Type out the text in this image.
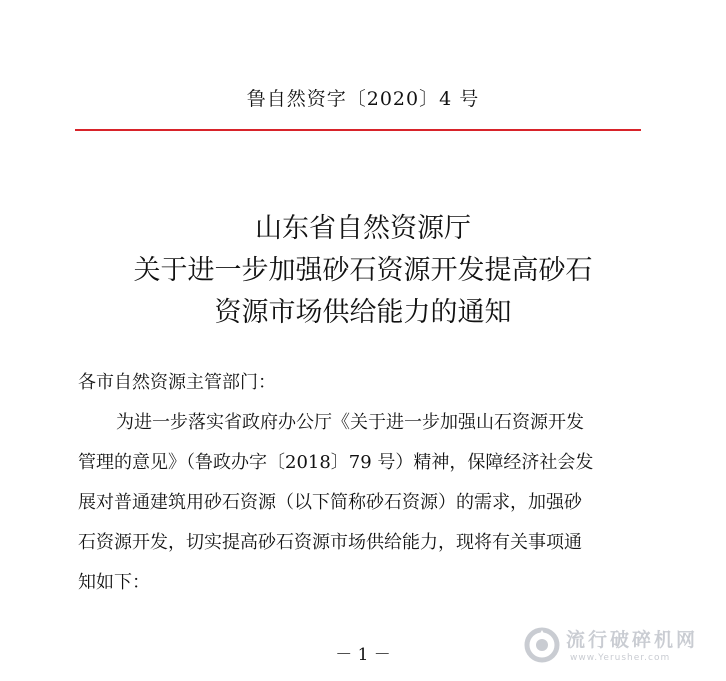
鲁自然资字〔2020〕4 号

山东省自然资源厅
关于进一步加强砂石资源开发提高砂石
资源市场供给能力的通知

各市自然资源主管部门：

为进一步落实省政府办公厅《关于进一步加强山石资源开发
管理的意见》（鲁政办字〔2018〕79 号）精神，保障经济社会发
展对普通建筑用砂石资源（以下简称砂石资源）的需求，加强砂
石资源开发，切实提高砂石资源市场供给能力，现将有关事项通
知如下：

－ 1 －

流行破碎机网
www.Yerusher.com
